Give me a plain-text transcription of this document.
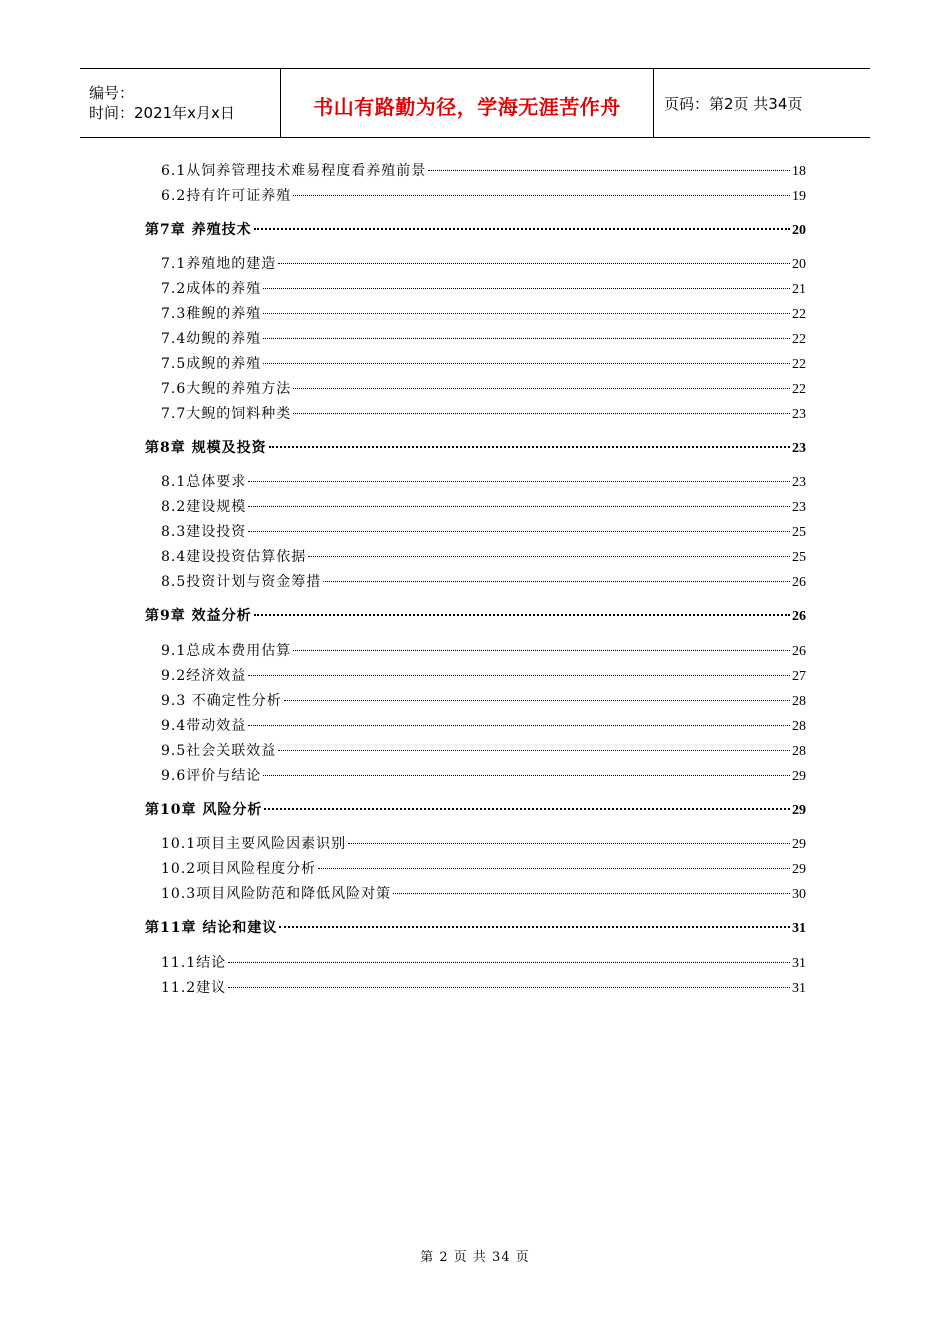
编号：
时间：2021年x月x日	书山有路勤为径，学海无涯苦作舟	页码：第2页 共34页
6.1从饲养管理技术难易程度看养殖前景	18
6.2持有许可证养殖	19
第7章 养殖技术	20
7.1养殖地的建造	20
7.2成体的养殖	21
7.3稚鲵的养殖	22
7.4幼鲵的养殖	22
7.5成鲵的养殖	22
7.6大鲵的养殖方法	22
7.7大鲵的饲料种类	23
第8章 规模及投资	23
8.1总体要求	23
8.2建设规模	23
8.3建设投资	25
8.4建设投资估算依据	25
8.5投资计划与资金筹措	26
第9章 效益分析	26
9.1总成本费用估算	26
9.2经济效益	27
9.3 不确定性分析	28
9.4带动效益	28
9.5社会关联效益	28
9.6评价与结论	29
第10章 风险分析	29
10.1项目主要风险因素识别	29
10.2项目风险程度分析	29
10.3项目风险防范和降低风险对策	30
第11章 结论和建议	31
11.1结论	31
11.2建议	31
第 2 页 共 34 页
